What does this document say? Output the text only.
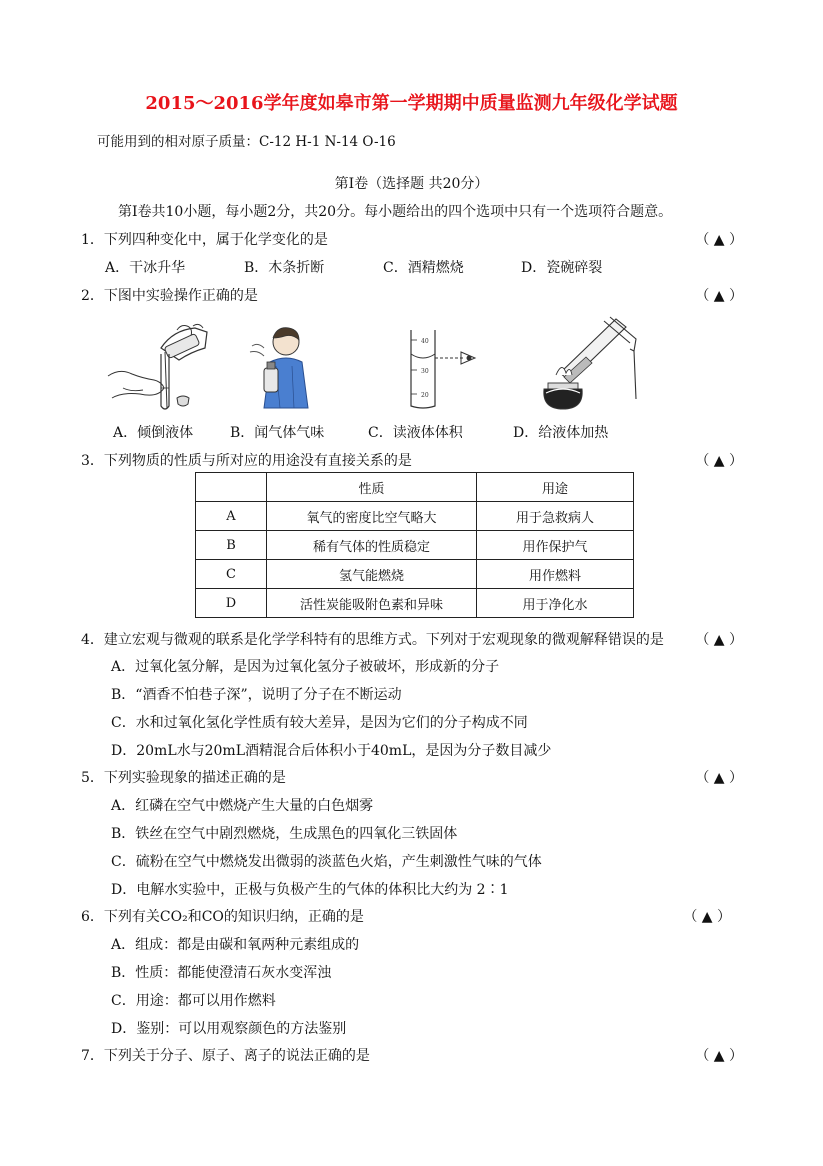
2015～2016学年度如皋市第一学期期中质量监测九年级化学试题
可能用到的相对原子质量：C-12 H-1 N-14 O-16
第Ⅰ卷（选择题 共20分）
第Ⅰ卷共10小题，每小题2分，共20分。每小题给出的四个选项中只有一个选项符合题意。
1．下列四种变化中，属于化学变化的是	（ ▲ ）
A．干冰升华	B．木条折断	C．酒精燃烧	D．瓷碗碎裂
2．下图中实验操作正确的是	（ ▲ ）
40
30
20
A．倾倒液体	B．闻气体气味	C．读液体体积	D．给液体加热
3．下列物质的性质与所对应的用途没有直接关系的是	（ ▲ ）
	性质	用途
A	氧气的密度比空气略大	用于急救病人
B	稀有气体的性质稳定	用作保护气
C	氢气能燃烧	用作燃料
D	活性炭能吸附色素和异味	用于净化水
4．建立宏观与微观的联系是化学学科特有的思维方式。下列对于宏观现象的微观解释错误的是 （ ▲ ）
A．过氧化氢分解，是因为过氧化氢分子被破坏，形成新的分子
B．“酒香不怕巷子深”，说明了分子在不断运动
C．水和过氧化氢化学性质有较大差异，是因为它们的分子构成不同
D．20mL水与20mL酒精混合后体积小于40mL，是因为分子数目减少
5．下列实验现象的描述正确的是	（ ▲ ）
A．红磷在空气中燃烧产生大量的白色烟雾
B．铁丝在空气中剧烈燃烧，生成黑色的四氧化三铁固体
C．硫粉在空气中燃烧发出微弱的淡蓝色火焰，产生刺激性气味的气体
D．电解水实验中，正极与负极产生的气体的体积比大约为 2∶1
6．下列有关CO₂和CO的知识归纳，正确的是	（ ▲ ）
A．组成：都是由碳和氧两种元素组成的
B．性质：都能使澄清石灰水变浑浊
C．用途：都可以用作燃料
D．鉴别：可以用观察颜色的方法鉴别
7．下列关于分子、原子、离子的说法正确的是	（ ▲ ）
